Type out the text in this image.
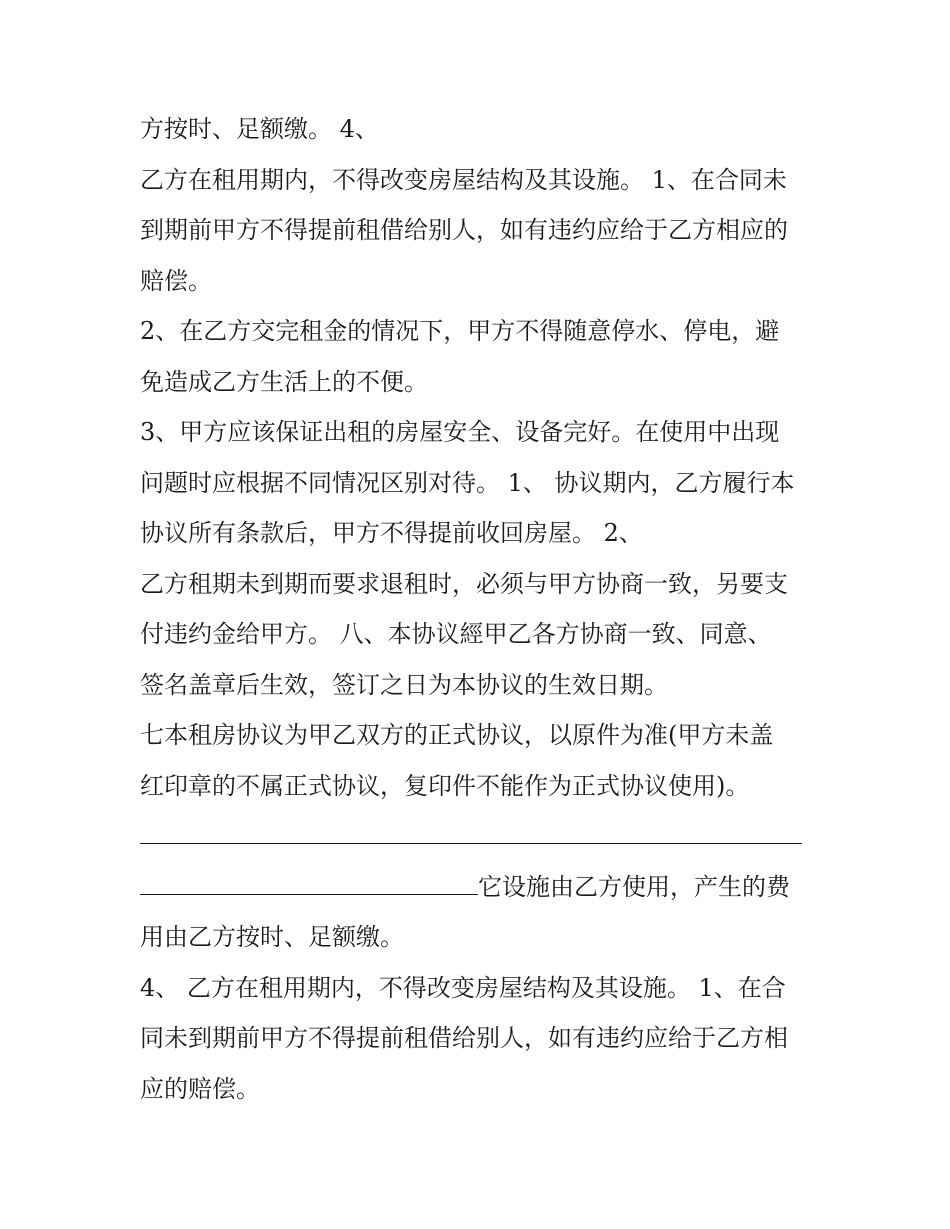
方按时、足额缴。 4、
乙方在租用期内，不得改变房屋结构及其设施。 1、在合同未
到期前甲方不得提前租借给别人，如有违约应给于乙方相应的
赔偿。
2、在乙方交完租金的情况下，甲方不得随意停水、停电，避
免造成乙方生活上的不便。
3、甲方应该保证出租的房屋安全、设备完好。在使用中出现
问题时应根据不同情况区别对待。 1、 协议期内，乙方履行本
协议所有条款后，甲方不得提前收回房屋。 2、
乙方租期未到期而要求退租时，必须与甲方协商一致，另要支
付违约金给甲方。 八、本协议經甲乙各方协商一致、同意、
签名盖章后生效，签订之日为本协议的生效日期。
七本租房协议为甲乙双方的正式协议，以原件为准(甲方未盖
红印章的不属正式协议，复印件不能作为正式协议使用)。
它设施由乙方使用，产生的费
用由乙方按时、足额缴。
4、 乙方在租用期内，不得改变房屋结构及其设施。 1、在合
同未到期前甲方不得提前租借给别人，如有违约应给于乙方相
应的赔偿。
